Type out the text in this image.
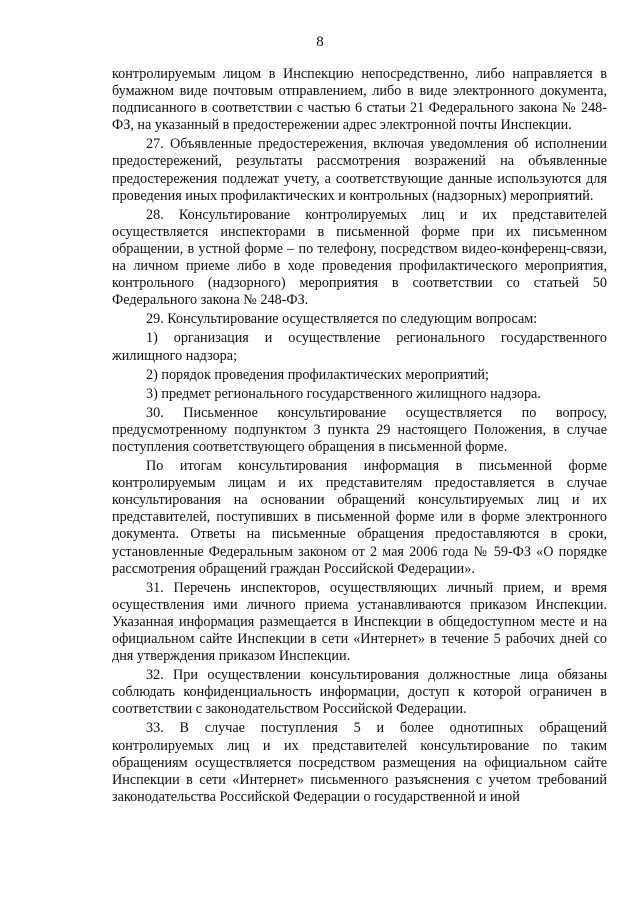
8

контролируемым лицом в Инспекцию непосредственно, либо направляется в бумажном виде почтовым отправлением, либо в виде электронного документа, подписанного в соответствии с частью 6 статьи 21 Федерального закона № 248-ФЗ, на указанный в предостережении адрес электронной почты Инспекции.

27. Объявленные предостережения, включая уведомления об исполнении предостережений, результаты рассмотрения возражений на объявленные предостережения подлежат учету, а соответствующие данные используются для проведения иных профилактических и контрольных (надзорных) мероприятий.

28. Консультирование контролируемых лиц и их представителей осуществляется инспекторами в письменной форме при их письменном обращении, в устной форме – по телефону, посредством видео-конференц-связи, на личном приеме либо в ходе проведения профилактического мероприятия, контрольного (надзорного) мероприятия в соответствии со статьей 50 Федерального закона № 248-ФЗ.

29. Консультирование осуществляется по следующим вопросам:

1) организация и осуществление регионального государственного жилищного надзора;

2) порядок проведения профилактических мероприятий;

3) предмет регионального государственного жилищного надзора.

30. Письменное консультирование осуществляется по вопросу, предусмотренному подпунктом 3 пункта 29 настоящего Положения, в случае поступления соответствующего обращения в письменной форме.

По итогам консультирования информация в письменной форме контролируемым лицам и их представителям предоставляется в случае консультирования на основании обращений консультируемых лиц и их представителей, поступивших в письменной форме или в форме электронного документа. Ответы на письменные обращения предоставляются в сроки, установленные Федеральным законом от 2 мая 2006 года № 59-ФЗ «О порядке рассмотрения обращений граждан Российской Федерации».

31. Перечень инспекторов, осуществляющих личный прием, и время осуществления ими личного приема устанавливаются приказом Инспекции. Указанная информация размещается в Инспекции в общедоступном месте и на официальном сайте Инспекции в сети «Интернет» в течение 5 рабочих дней со дня утверждения приказом Инспекции.

32. При осуществлении консультирования должностные лица обязаны соблюдать конфиденциальность информации, доступ к которой ограничен в соответствии с законодательством Российской Федерации.

33. В случае поступления 5 и более однотипных обращений контролируемых лиц и их представителей консультирование по таким обращениям осуществляется посредством размещения на официальном сайте Инспекции в сети «Интернет» письменного разъяснения с учетом требований законодательства Российской Федерации о государственной и иной
